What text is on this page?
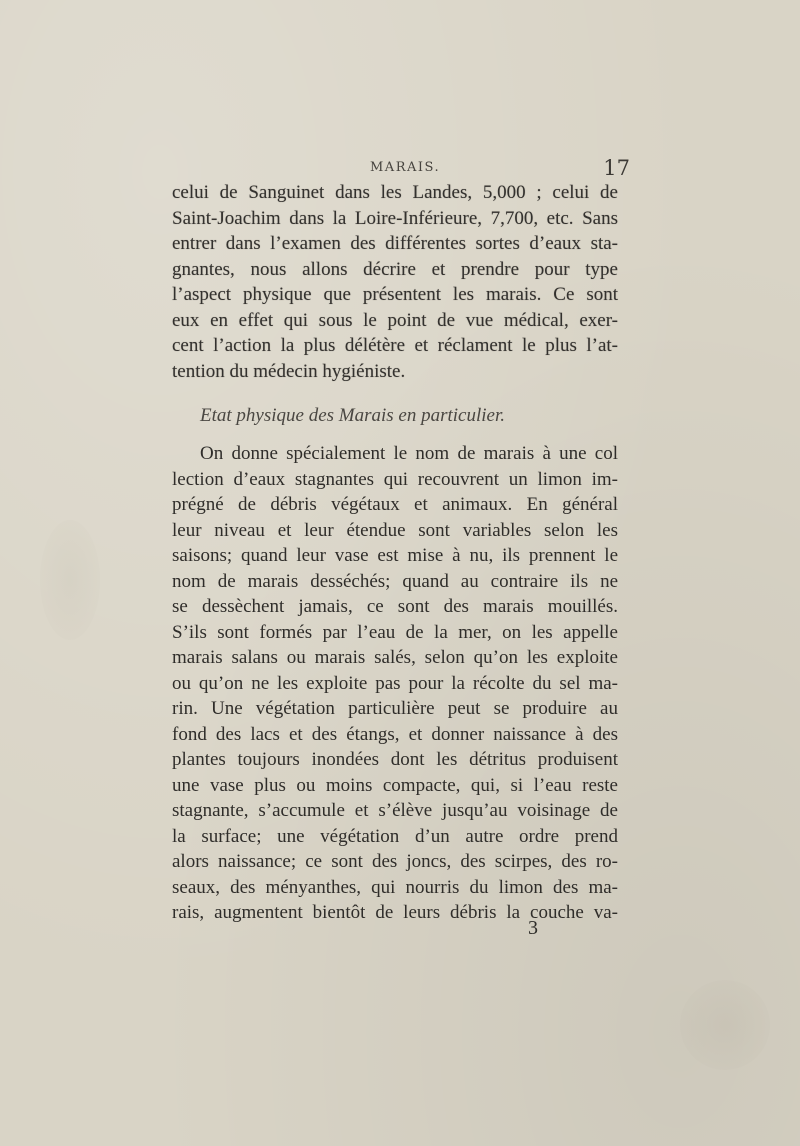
MARAIS.	17
celui de Sanguinet dans les Landes, 5,000 ; celui de
Saint-Joachim dans la Loire-Inférieure, 7,700, etc. Sans
entrer dans l’examen des différentes sortes d’eaux sta-
gnantes, nous allons décrire et prendre pour type
l’aspect physique que présentent les marais. Ce sont
eux en effet qui sous le point de vue médical, exer-
cent l’action la plus délétère et réclament le plus l’at-
tention du médecin hygiéniste.
Etat physique des Marais en particulier.
On donne spécialement le nom de marais à une col
lection d’eaux stagnantes qui recouvrent un limon im-
prégné de débris végétaux et animaux. En général
leur niveau et leur étendue sont variables selon les
saisons; quand leur vase est mise à nu, ils prennent le
nom de marais desséchés; quand au contraire ils ne
se dessèchent jamais, ce sont des marais mouillés.
S’ils sont formés par l’eau de la mer, on les appelle
marais salans ou marais salés, selon qu’on les exploite
ou qu’on ne les exploite pas pour la récolte du sel ma-
rin. Une végétation particulière peut se produire au
fond des lacs et des étangs, et donner naissance à des
plantes toujours inondées dont les détritus produisent
une vase plus ou moins compacte, qui, si l’eau reste
stagnante, s’accumule et s’élève jusqu’au voisinage de
la surface; une végétation d’un autre ordre prend
alors naissance; ce sont des joncs, des scirpes, des ro-
seaux, des ményanthes, qui nourris du limon des ma-
rais, augmentent bientôt de leurs débris la couche va-
3
